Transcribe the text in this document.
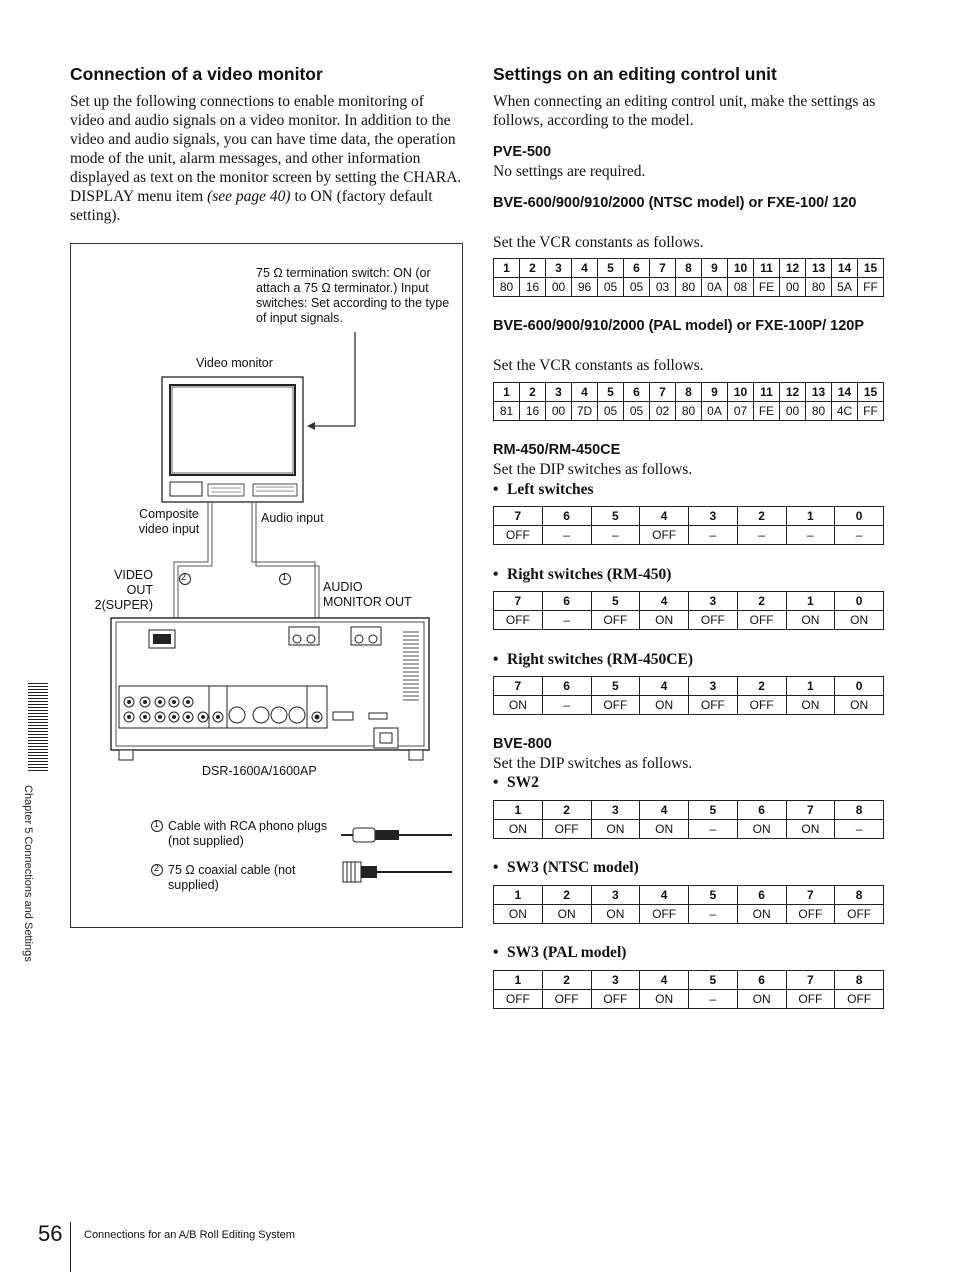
Connection of a video monitor
Set up the following connections to enable monitoring of video and audio signals on a video monitor. In addition to the video and audio signals, you can have time data, the operation mode of the unit, alarm messages, and other information displayed as text on the monitor screen by setting the CHARA. DISPLAY menu item (see page 40) to ON (factory default setting).
75 Ω termination switch: ON (or attach a 75 Ω terminator.) Input switches: Set according to the type of input signals.
Video monitor
Composite video input
Audio input
VIDEO OUT 2(SUPER)
AUDIO MONITOR OUT
2	1
DSR-1600A/1600AP
1 Cable with RCA phono plugs (not supplied)
2 75 Ω coaxial cable (not supplied)
Settings on an editing control unit
When connecting an editing control unit, make the settings as follows, according to the model.
PVE-500
No settings are required.
BVE-600/900/910/2000 (NTSC model) or FXE-100/ 120
Set the VCR constants as follows.
1	2	3	4	5	6	7	8	9	10	11	12	13	14	15
80	16	00	96	05	05	03	80	0A	08	FE	00	80	5A	FF
BVE-600/900/910/2000 (PAL model) or FXE-100P/ 120P
Set the VCR constants as follows.
1	2	3	4	5	6	7	8	9	10	11	12	13	14	15
81	16	00	7D	05	05	02	80	0A	07	FE	00	80	4C	FF
RM-450/RM-450CE
Set the DIP switches as follows.
• Left switches
7	6	5	4	3	2	1	0
OFF	–	–	OFF	–	–	–	–
• Right switches (RM-450)
7	6	5	4	3	2	1	0
OFF	–	OFF	ON	OFF	OFF	ON	ON
• Right switches (RM-450CE)
7	6	5	4	3	2	1	0
ON	–	OFF	ON	OFF	OFF	ON	ON
BVE-800
Set the DIP switches as follows.
• SW2
1	2	3	4	5	6	7	8
ON	OFF	ON	ON	–	ON	ON	–
• SW3 (NTSC model)
1	2	3	4	5	6	7	8
ON	ON	ON	OFF	–	ON	OFF	OFF
• SW3 (PAL model)
1	2	3	4	5	6	7	8
OFF	OFF	OFF	ON	–	ON	OFF	OFF
Chapter 5 Connections and Settings
56 Connections for an A/B Roll Editing System
